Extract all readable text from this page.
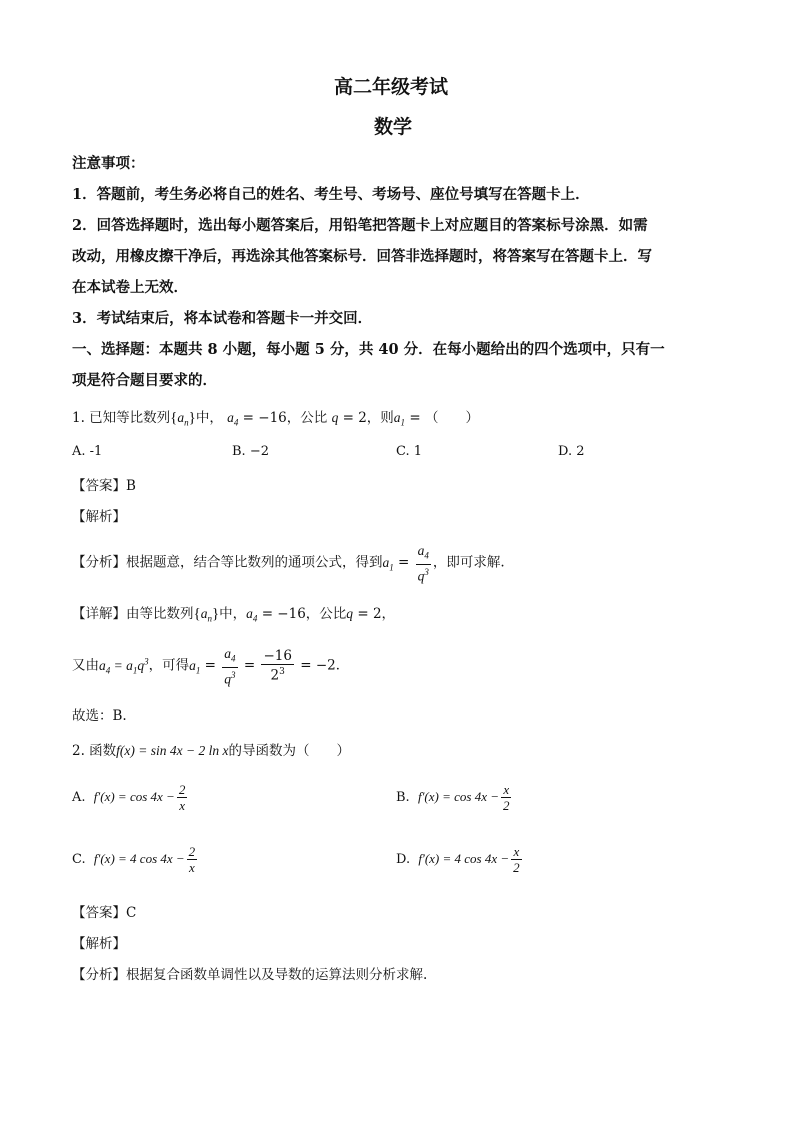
高二年级考试
数学
注意事项：
1．答题前，考生务必将自己的姓名、考生号、考场号、座位号填写在答题卡上．
2．回答选择题时，选出每小题答案后，用铅笔把答题卡上对应题目的答案标号涂黑．如需
改动，用橡皮擦干净后，再选涂其他答案标号．回答非选择题时，将答案写在答题卡上．写
在本试卷上无效．
3．考试结束后，将本试卷和答题卡一并交回．
一、选择题：本题共 8 小题，每小题 5 分，共 40 分．在每小题给出的四个选项中，只有一
项是符合题目要求的．
1. 已知等比数列$\{a_n\}$中， $a_4 = -16$，公比 q = 2，则$a_1$ = （　　）
A. -1	B. −2	C. 1	D. 2
【答案】B
【解析】
【分析】根据题意，结合等比数列的通项公式，得到$a_1 = \frac{a_4}{q^3}$ ，即可求解.
【详解】由等比数列$\{a_n\}$中，$a_4 = -16$，公比q = 2，
又由$a_4 = a_1q^3$，可得$a_1 = \frac{a_4}{q^3} = \frac{-16}{2^3} = -2$．
故选：B.
2. 函数f(x) = sin 4x − 2 ln x的导函数为（　　）
A. $f'(x) = \cos 4x - \frac{2}{x}$	B. $f'(x) = \cos 4x - \frac{x}{2}$
C. f′(x) = 4 $\cos 4x - \frac{2}{x}$	D. f′(x) = 4 $\cos 4x - \frac{x}{2}$
【答案】C
【解析】
【分析】根据复合函数单调性以及导数的运算法则分析求解.
